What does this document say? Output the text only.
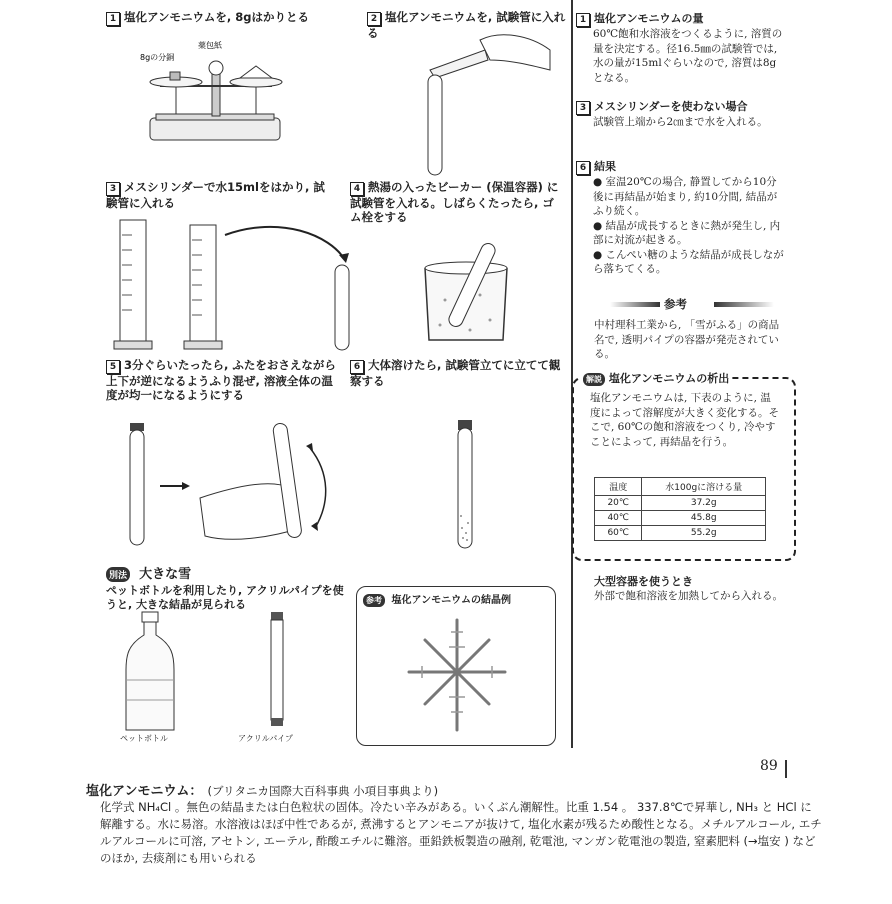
1 塩化アンモニウムを, 8gはかりとる
8gの分銅
薬包紙
2 塩化アンモニウムを, 試験管に入れる
3 メスシリンダーで水15mlをはかり, 試験管に入れる
4 熱湯の入ったビーカー (保温容器) に試験管を入れる。しばらくたったら, ゴム栓をする
5 3分ぐらいたったら, ふたをおさえながら上下が逆になるようふり混ぜ, 溶液全体の温度が均一になるようにする
6 大体溶けたら, 試験管立てに立てて観察する
別法 大きな雪
ペットボトルを利用したり, アクリルパイプを使うと, 大きな結晶が見られる
ペットボトル	アクリルパイプ
参考 塩化アンモニウムの結晶例
1 塩化アンモニウムの量
60℃飽和水溶液をつくるように, 溶質の量を決定する。径16.5㎜の試験管では, 水の量が15mlぐらいなので, 溶質は8gとなる。
3 メスシリンダーを使わない場合
試験管上端から2㎝まで水を入れる。
6 結果
● 室温20℃の場合, 静置してから10分後に再結晶が始まり, 約10分間, 結晶がふり続く。
● 結晶が成長するときに熱が発生し, 内部に対流が起きる。
● こんぺい糖のような結晶が成長しながら落ちてくる。
参考
中村理科工業から, 「雪がふる」の商品名で, 透明パイプの容器が発売されている。
解説 塩化アンモニウムの析出
塩化アンモニウムは, 下表のように, 温度によって溶解度が大きく変化する。そこで, 60℃の飽和溶液をつくり, 冷やすことによって, 再結晶を行う。
温度	水100gに溶ける量
20℃	37.2g
40℃	45.8g
60℃	55.2g
大型容器を使うとき
外部で飽和溶液を加熱してから入れる。
89
塩化アンモニウム： (ブリタニカ国際大百科事典 小項目事典より)
化学式 NH₄Cl 。無色の結晶または白色粒状の固体。冷たい辛みがある。いくぶん潮解性。比重 1.54 。 337.8℃で昇華し, NH₃ と HCl に解離する。水に易溶。水溶液はほぼ中性であるが, 煮沸するとアンモニアが抜けて, 塩化水素が残るため酸性となる。メチルアルコール, エチルアルコールに可溶, アセトン, エーテル, 酢酸エチルに難溶。亜鉛鉄板製造の融剤, 乾電池, マンガン乾電池の製造, 窒素肥料 (→塩安 ) などのほか, 去痰剤にも用いられる
